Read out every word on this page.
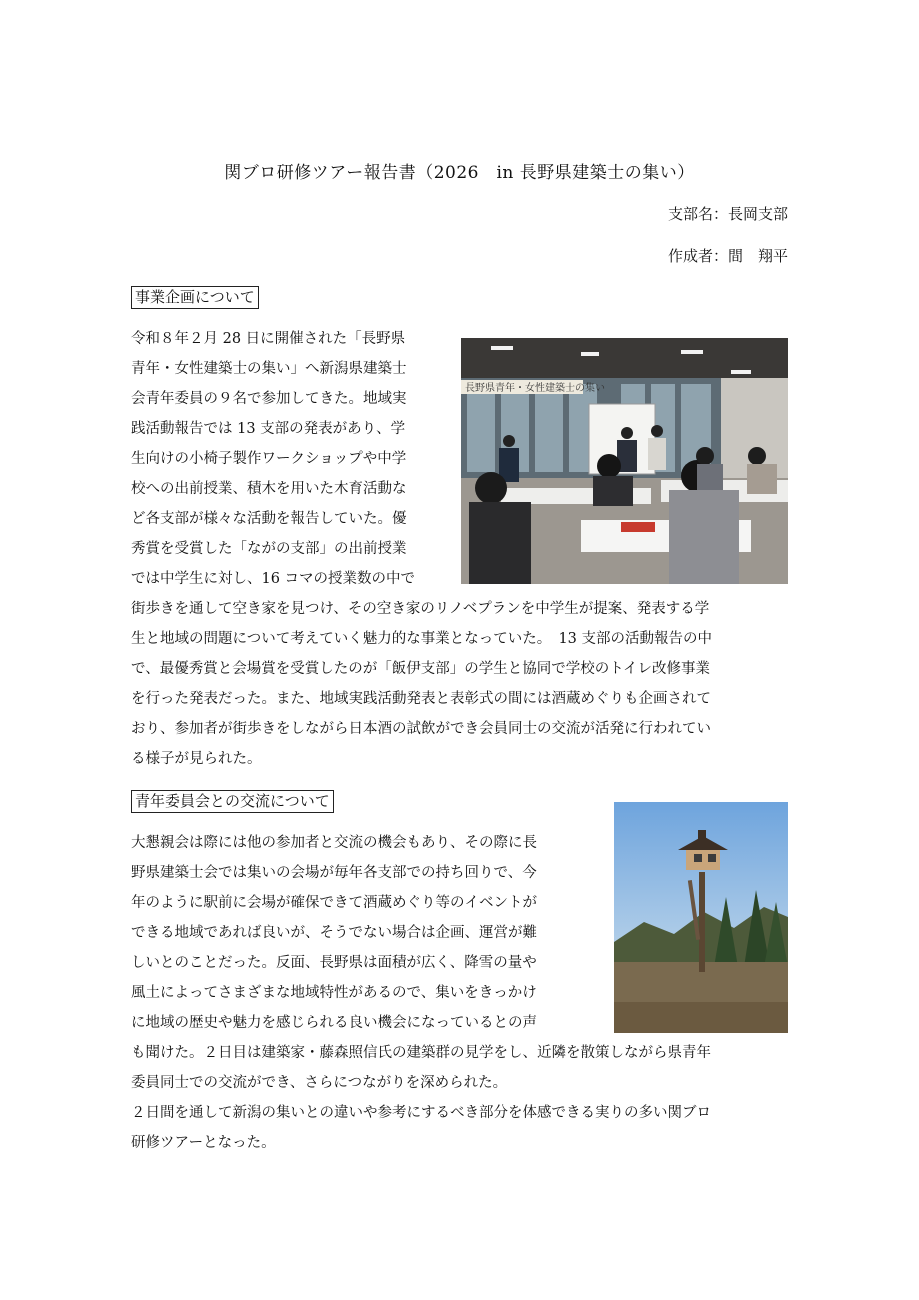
関ブロ研修ツアー報告書（2026　in 長野県建築士の集い）
支部名：長岡支部
作成者：間　翔平
事業企画について

令和８年２月 28 日に開催された「長野県
青年・女性建築士の集い」へ新潟県建築士
会青年委員の９名で参加してきた。地域実
践活動報告では 13 支部の発表があり、学
生向けの小椅子製作ワークショップや中学
校への出前授業、積木を用いた木育活動な
ど各支部が様々な活動を報告していた。優
秀賞を受賞した「ながの支部」の出前授業
では中学生に対し、16 コマの授業数の中で

長野県青年・女性建築士の集い

街歩きを通して空き家を見つけ、その空き家のリノベプランを中学生が提案、発表する学
生と地域の問題について考えていく魅力的な事業となっていた。　13 支部の活動報告の中
で、最優秀賞と会場賞を受賞したのが「飯伊支部」の学生と協同で学校のトイレ改修事業
を行った発表だった。また、地域実践活動発表と表彰式の間には酒蔵めぐりも企画されて
おり、参加者が街歩きをしながら日本酒の試飲ができ会員同士の交流が活発に行われてい
る様子が見られた。

青年委員会との交流について

大懇親会は際には他の参加者と交流の機会もあり、その際に長
野県建築士会では集いの会場が毎年各支部での持ち回りで、今
年のように駅前に会場が確保できて酒蔵めぐり等のイベントが
できる地域であれば良いが、そうでない場合は企画、運営が難
しいとのことだった。反面、長野県は面積が広く、降雪の量や
風土によってさまざまな地域特性があるので、集いをきっかけ
に地域の歴史や魅力を感じられる良い機会になっているとの声

も聞けた。２日目は建築家・藤森照信氏の建築群の見学をし、近隣を散策しながら県青年
委員同士での交流ができ、さらにつながりを深められた。
２日間を通して新潟の集いとの違いや参考にするべき部分を体感できる実りの多い関ブロ
研修ツアーとなった。
